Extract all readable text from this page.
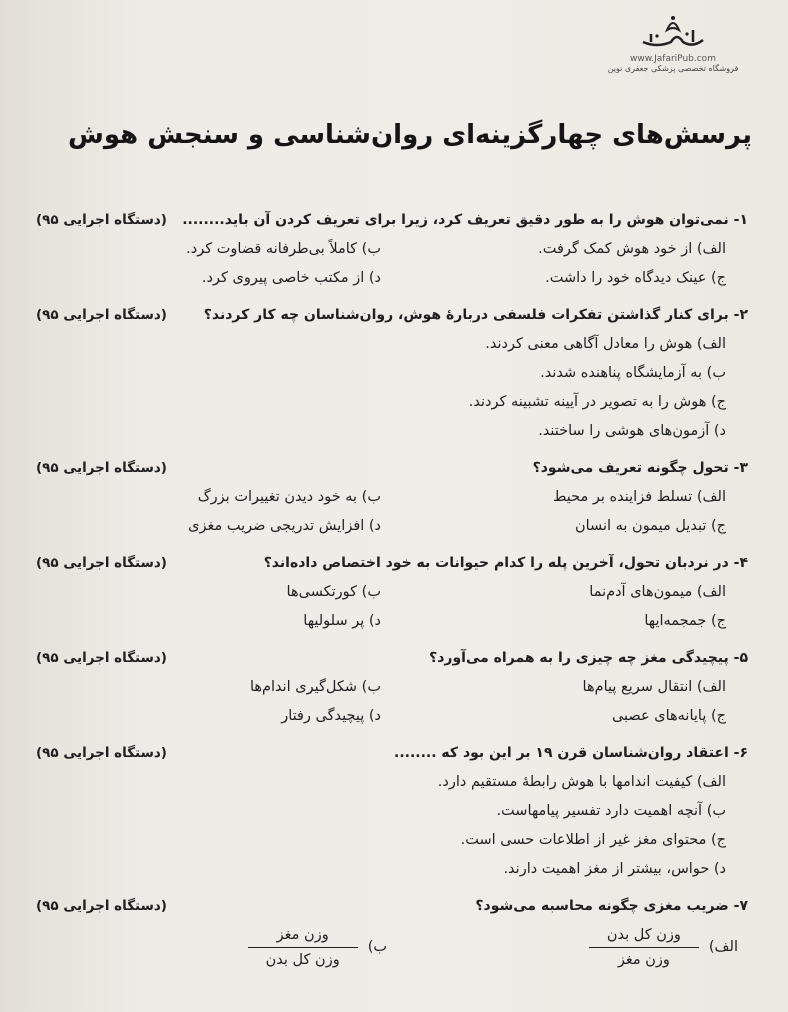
www.JafariPub.com
فروشگاه تخصصی پزشکی جعفری نوین
پرسش‌های چهارگزینه‌ای روان‌شناسی و سنجش هوش
۱- نمی‌توان هوش را به طور دقیق تعریف کرد، زیرا برای تعریف کردن آن باید........
(دستگاه اجرایی ۹۵)
الف) از خود هوش کمک گرفت.
ب) کاملاً بی‌طرفانه قضاوت کرد.
ج) عینک دیدگاه خود را داشت.
د) از مکتب خاصی پیروی کرد.
۲- برای کنار گذاشتن تفکرات فلسفی دربارهٔ هوش، روان‌شناسان چه کار کردند؟
(دستگاه اجرایی ۹۵)
الف) هوش را معادل آگاهی معنی کردند.
ب) به آزمایشگاه پناهنده شدند.
ج) هوش را به تصویر در آیینه تشبینه کردند.
د) آزمون‌های هوشی را ساختند.
۳- تحول چگونه تعریف می‌شود؟
(دستگاه اجرایی ۹۵)
الف) تسلط فزاینده بر محیط
ب) به خود دیدن تغییرات بزرگ
ج) تبدیل میمون به انسان
د) افزایش تدریجی ضریب مغزی
۴- در نردبان تحول، آخرین پله را کدام حیوانات به خود اختصاص داده‌اند؟
(دستگاه اجرایی ۹۵)
الف) میمون‌های آدم‌نما
ب) کورتکسی‌ها
ج) جمجمه‌ایها
د) پر سلولیها
۵- پیچیدگی مغز چه چیزی را به همراه می‌آورد؟
(دستگاه اجرایی ۹۵)
الف) انتقال سریع پیام‌ها
ب) شکل‌گیری اندام‌ها
ج) پایانه‌های عصبی
د) پیچیدگی رفتار
۶- اعتقاد روان‌شناسان قرن ۱۹ بر این بود که ........
(دستگاه اجرایی ۹۵)
الف) کیفیت اندامها با هوش رابطهٔ مستقیم دارد.
ب) آنچه اهمیت دارد تفسیر پیامهاست.
ج) محتوای مغز غیر از اطلاعات حسی است.
د) حواس، بیشتر از مغز اهمیت دارند.
۷- ضریب مغزی چگونه محاسبه می‌شود؟
(دستگاه اجرایی ۹۵)
الف)
$\frac{\text{وزن کل بدن}}{\text{وزن مغز}}$
ب)
$\frac{\text{وزن مغز}}{\text{وزن کل بدن}}$
